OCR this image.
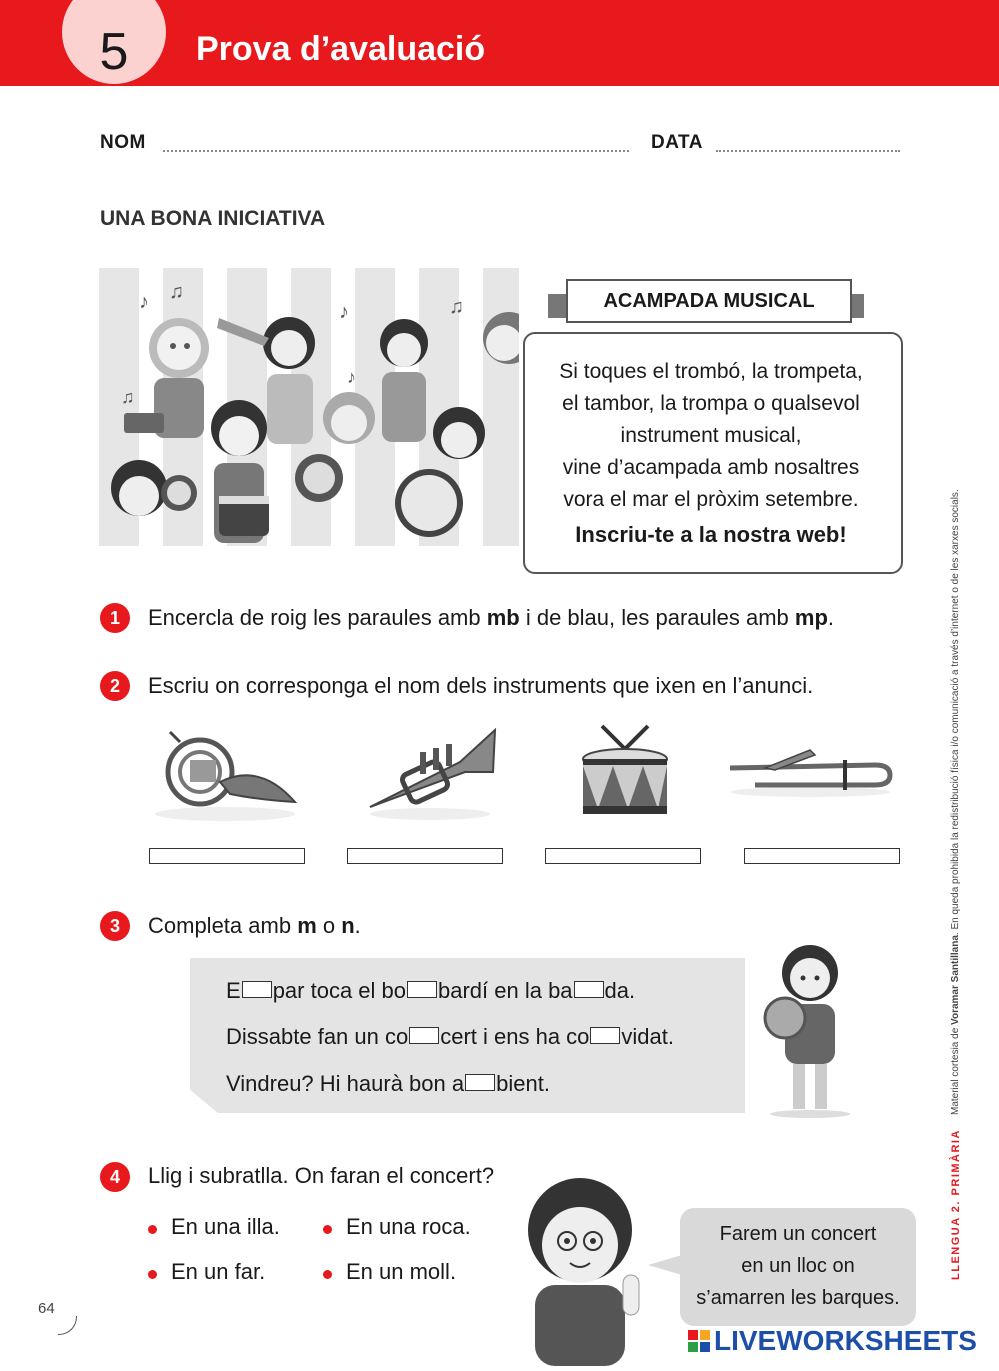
5	Prova d’avaluació
NOM	DATA
UNA BONA INICIATIVA
♪ ♫
♪	♫
♫
♪
ACAMPADA MUSICAL
Si toques el trombó, la trompeta,
el tambor, la trompa o qualsevol
instrument musical,
vine d’acampada amb nosaltres
vora el mar el pròxim setembre.
Inscriu-te a la nostra web!
1	Encercla de roig les paraules amb mb i de blau, les paraules amb mp.
2	Escriu on corresponga el nom dels instruments que ixen en l’anunci.
3	Completa amb m o n.
E par toca el bo bardí en la ba da.
Dissabte fan un co cert i ens ha co vidat.
Vindreu? Hi haurà bon a bient.
4	Llig i subratlla. On faran el concert?
En una illa.	En una roca.
En un far.	En un moll.
Farem un concert
en un lloc on
s’amarren les barques.
Material cortesia de Voramar Santillana. En queda prohibida la redistribució física i/o comunicació a través d’internet o de les xarxes socials.
LLENGUA 2. PRIMÀRIA
64
LIVEWORKSHEETS
